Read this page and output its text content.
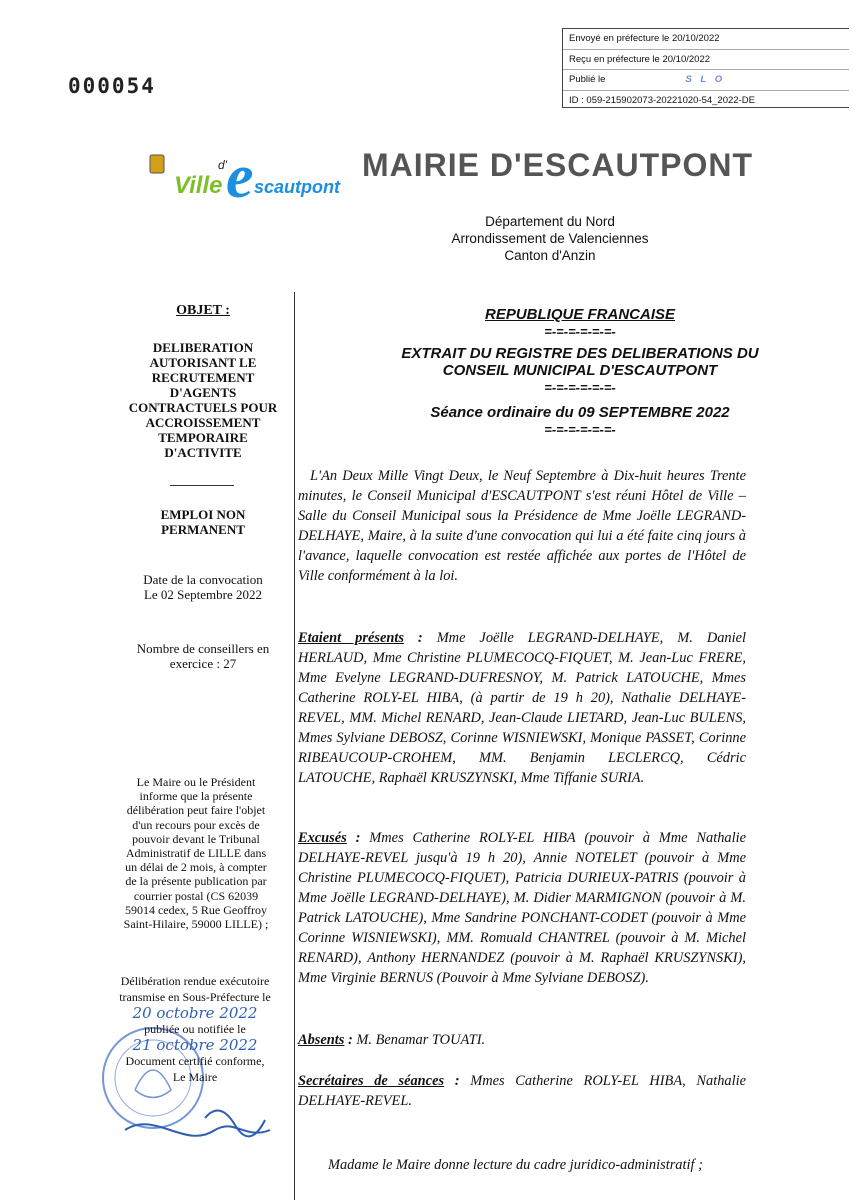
000054
Envoyé en préfecture le 20/10/2022
Reçu en préfecture le 20/10/2022
Publié le	S L O
ID : 059-215902073-20221020-54_2022-DE
Ville
d' e scautpont
MAIRIE D'ESCAUTPONT
Département du Nord
Arrondissement de Valenciennes
Canton d'Anzin
OBJET :
DELIBERATION
AUTORISANT LE
RECRUTEMENT
D'AGENTS
CONTRACTUELS POUR
ACCROISSEMENT
TEMPORAIRE
D'ACTIVITE
EMPLOI NON
PERMANENT
Date de la convocation
Le 02 Septembre 2022
Nombre de conseillers en
exercice : 27
Le Maire ou le Président
informe que la présente
délibération peut faire l'objet
d'un recours pour excès de
pouvoir devant le Tribunal
Administratif de LILLE dans
un délai de 2 mois, à compter
de la présente publication par
courrier postal (CS 62039
59014 cedex, 5 Rue Geoffroy
Saint-Hilaire, 59000 LILLE) ;
Délibération rendue exécutoire
transmise en Sous-Préfecture le
20 octobre 2022
publiée ou notifiée le
21 octobre 2022
Document certifié conforme,
Le Maire
REPUBLIQUE FRANCAISE
=-=-=-=-=-=-
EXTRAIT DU REGISTRE DES DELIBERATIONS DU
CONSEIL MUNICIPAL D'ESCAUTPONT
=-=-=-=-=-=-
Séance ordinaire du 09 SEPTEMBRE 2022
=-=-=-=-=-=-

L'An Deux Mille Vingt Deux, le Neuf Septembre à Dix-huit heures Trente minutes, le Conseil Municipal d'ESCAUTPONT s'est réuni Hôtel de Ville – Salle du Conseil Municipal sous la Présidence de Mme Joëlle LEGRAND-DELHAYE, Maire, à la suite d'une convocation qui lui a été faite cinq jours à l'avance, laquelle convocation est restée affichée aux portes de l'Hôtel de Ville conformément à la loi.

Etaient présents : Mme Joëlle LEGRAND-DELHAYE, M. Daniel HERLAUD, Mme Christine PLUMECOCQ-FIQUET, M. Jean-Luc FRERE, Mme Evelyne LEGRAND-DUFRESNOY, M. Patrick LATOUCHE, Mmes Catherine ROLY-EL HIBA, (à partir de 19 h 20), Nathalie DELHAYE-REVEL, MM. Michel RENARD, Jean-Claude LIETARD, Jean-Luc BULENS, Mmes Sylviane DEBOSZ, Corinne WISNIEWSKI, Monique PASSET, Corinne RIBEAUCOUP-CROHEM, MM. Benjamin LECLERCQ, Cédric LATOUCHE, Raphaël KRUSZYNSKI, Mme Tiffanie SURIA.

Excusés : Mmes Catherine ROLY-EL HIBA (pouvoir à Mme Nathalie DELHAYE-REVEL jusqu'à 19 h 20), Annie NOTELET (pouvoir à Mme Christine PLUMECOCQ-FIQUET), Patricia DURIEUX-PATRIS (pouvoir à Mme Joëlle LEGRAND-DELHAYE), M. Didier MARMIGNON (pouvoir à M. Patrick LATOUCHE), Mme Sandrine PONCHANT-CODET (pouvoir à Mme Corinne WISNIEWSKI), MM. Romuald CHANTREL (pouvoir à M. Michel RENARD), Anthony HERNANDEZ (pouvoir à M. Raphaël KRUSZYNSKI), Mme Virginie BERNUS (Pouvoir à Mme Sylviane DEBOSZ).

Absents : M. Benamar TOUATI.

Secrétaires de séances : Mmes Catherine ROLY-EL HIBA, Nathalie DELHAYE-REVEL.

Madame le Maire donne lecture du cadre juridico-administratif ;
